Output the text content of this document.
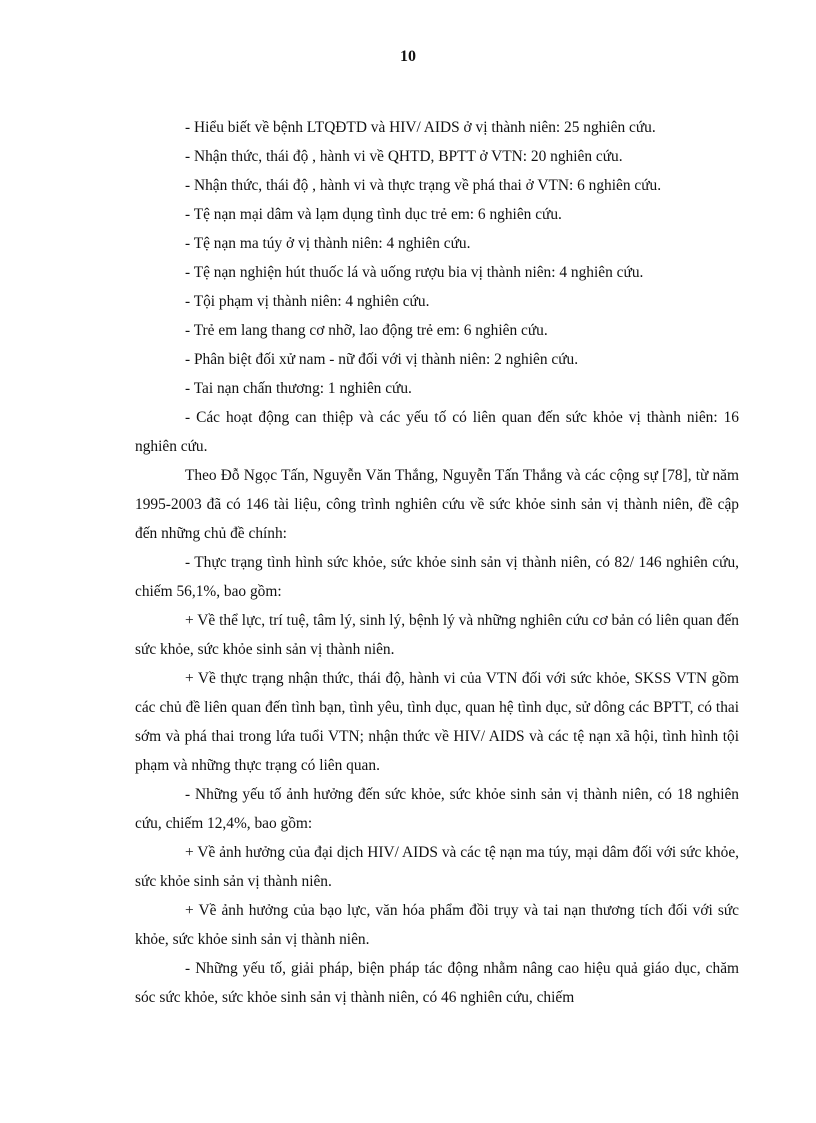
10

- Hiểu biết về bệnh LTQĐTD và HIV/ AIDS ở vị thành niên: 25 nghiên cứu.

- Nhận thức, thái độ , hành vi về QHTD, BPTT ở VTN: 20 nghiên cứu.

- Nhận thức, thái độ , hành vi và thực trạng về phá thai ở VTN: 6 nghiên cứu.

- Tệ nạn mại dâm và lạm dụng tình dục trẻ em: 6 nghiên cứu.

- Tệ nạn ma túy ở vị thành niên: 4 nghiên cứu.

- Tệ nạn nghiện hút thuốc lá và uống rượu bia vị thành niên: 4 nghiên cứu.

- Tội phạm vị thành niên: 4 nghiên cứu.

- Trẻ em lang thang cơ nhỡ, lao động trẻ em: 6 nghiên cứu.

- Phân biệt đối xử nam - nữ đối với vị thành niên: 2 nghiên cứu.

- Tai nạn chấn thương: 1 nghiên cứu.

- Các hoạt động can thiệp và các yếu tố có liên quan đến sức khỏe vị thành niên: 16 nghiên cứu.

Theo Đỗ Ngọc Tấn, Nguyễn Văn Thắng, Nguyễn Tấn Thắng và các cộng sự [78], từ năm 1995-2003 đã có 146 tài liệu, công trình nghiên cứu về sức khỏe sinh sản vị thành niên, đề cập đến những chủ đề chính:

- Thực trạng tình hình sức khỏe, sức khỏe sinh sản vị thành niên, có 82/ 146 nghiên cứu, chiếm 56,1%, bao gồm:

+ Về thể lực, trí tuệ, tâm lý, sinh lý, bệnh lý và những nghiên cứu cơ bản có liên quan đến sức khỏe, sức khỏe sinh sản vị thành niên.

+ Về thực trạng nhận thức, thái độ, hành vi của VTN đối với sức khỏe, SKSS VTN gồm các chủ đề liên quan đến tình bạn, tình yêu, tình dục, quan hệ tình dục, sử dông các BPTT, có thai sớm và phá thai trong lứa tuổi VTN; nhận thức về HIV/ AIDS và các tệ nạn xã hội, tình hình tội phạm và những thực trạng có liên quan.

- Những yếu tố ảnh hưởng đến sức khỏe, sức khỏe sinh sản vị thành niên, có 18 nghiên cứu, chiếm 12,4%, bao gồm:

+ Về ảnh hưởng của đại dịch HIV/ AIDS và các tệ nạn ma túy, mại dâm đối với sức khỏe, sức khỏe sinh sản vị thành niên.

+ Về ảnh hưởng của bạo lực, văn hóa phẩm đồi trụy và tai nạn thương tích đối với sức khỏe, sức khỏe sinh sản vị thành niên.

- Những yếu tố, giải pháp, biện pháp tác động nhằm nâng cao hiệu quả giáo dục, chăm sóc sức khỏe, sức khỏe sinh sản vị thành niên, có 46 nghiên cứu, chiếm
